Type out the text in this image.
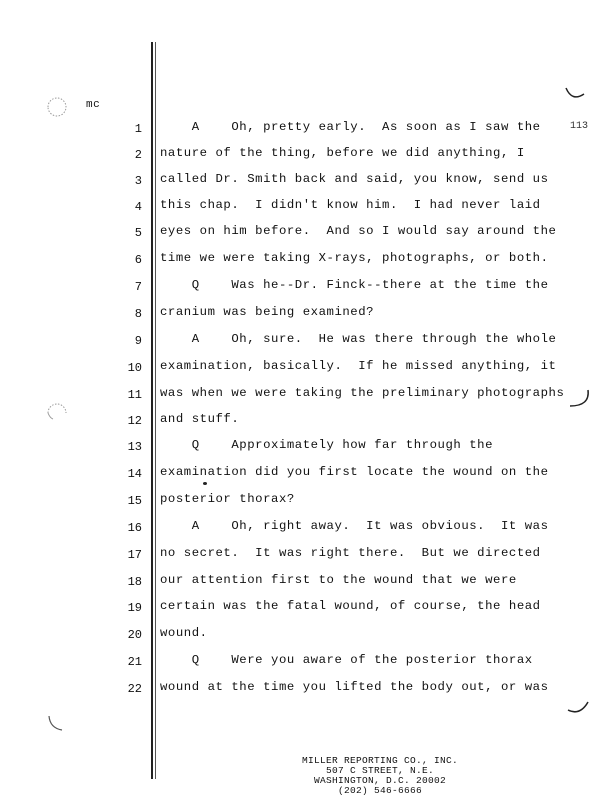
mc
113
1 A    Oh, pretty early.  As soon as I saw the
2 nature of the thing, before we did anything, I
3 called Dr. Smith back and said, you know, send us
4 this chap.  I didn't know him.  I had never laid
5 eyes on him before.  And so I would say around the
6 time we were taking X-rays, photographs, or both.
7 Q    Was he--Dr. Finck--there at the time the
8 cranium was being examined?
9 A    Oh, sure.  He was there through the whole
10 examination, basically.  If he missed anything, it
11 was when we were taking the preliminary photographs
12 and stuff.
13 Q    Approximately how far through the
14 examination did you first locate the wound on the
15 posterior thorax?
16 A    Oh, right away.  It was obvious.  It was
17 no secret.  It was right there.  But we directed
18 our attention first to the wound that we were
19 certain was the fatal wound, of course, the head
20 wound.
21 Q    Were you aware of the posterior thorax
22 wound at the time you lifted the body out, or was
MILLER REPORTING CO., INC.
507 C STREET, N.E.
WASHINGTON, D.C. 20002
(202) 546-6666
